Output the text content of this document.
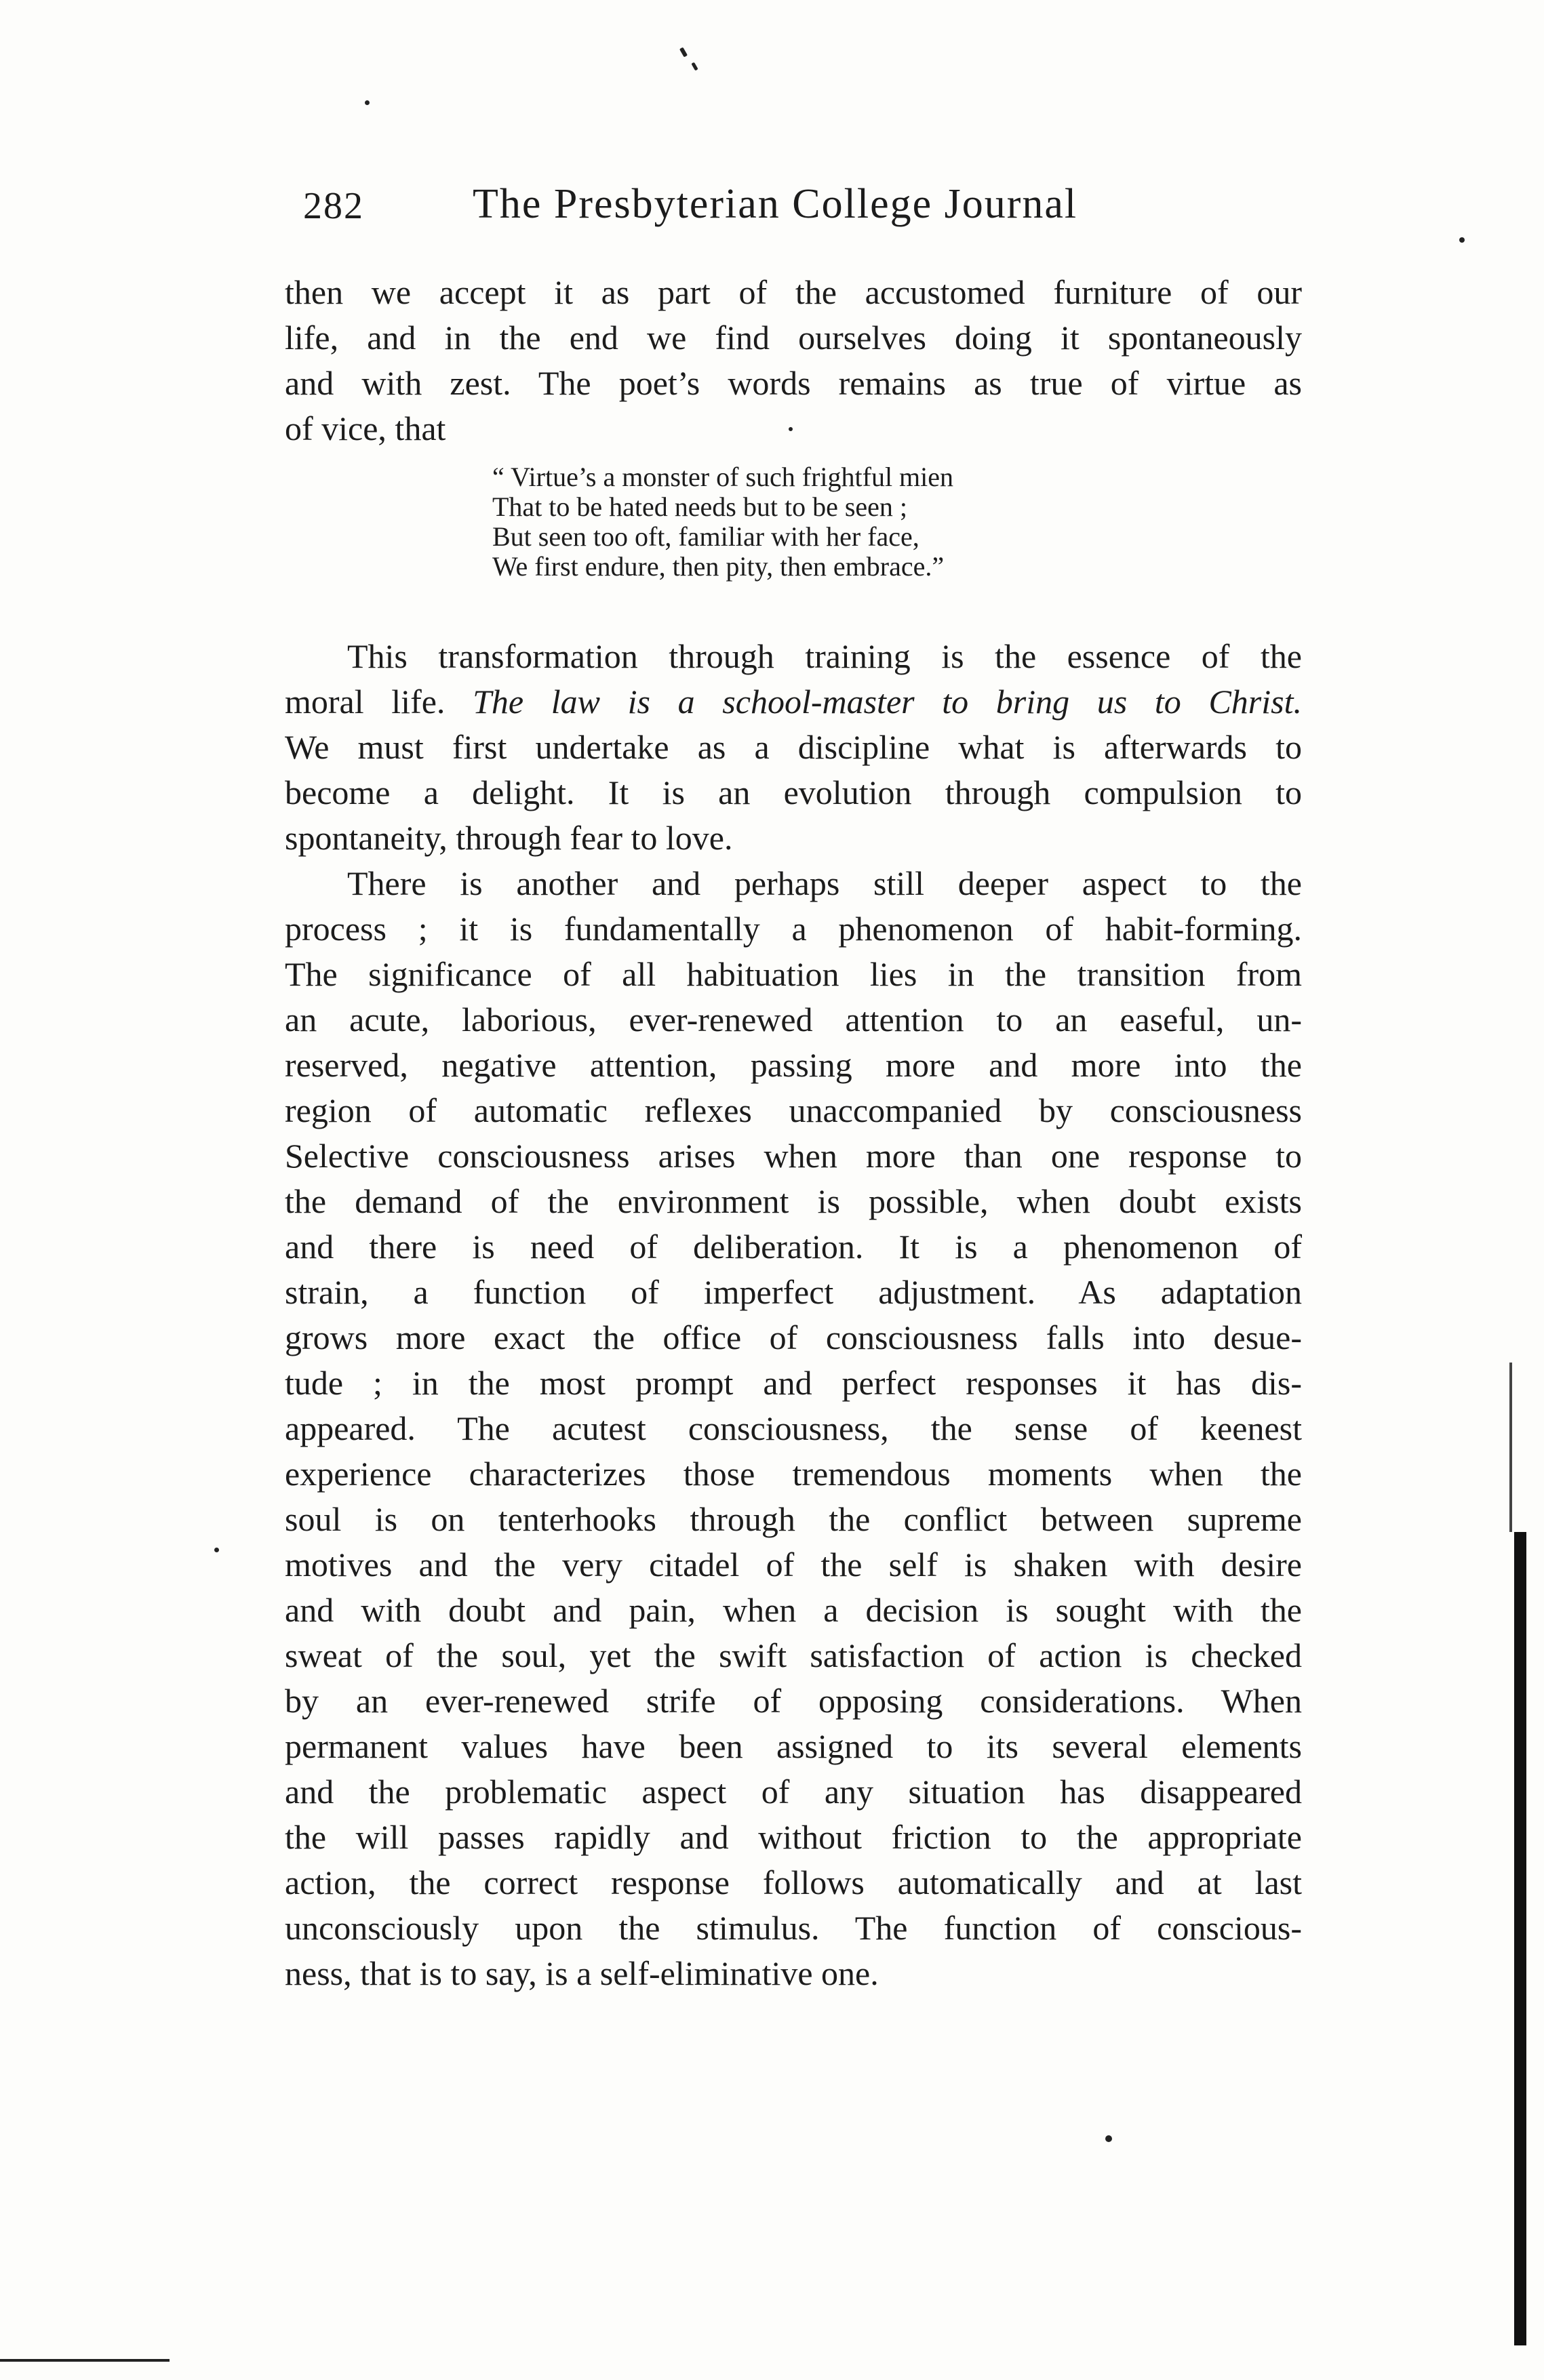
282	The Presbyterian College Journal
then we accept it as part of the accustomed furniture of our
life, and in the end we find ourselves doing it spontaneously
and with zest. The poet’s words remains as true of virtue as
of vice, that
“ Virtue’s a monster of such frightful mien
That to be hated needs but to be seen ;
But seen too oft, familiar with her face,
We first endure, then pity, then embrace.”
This transformation through training is the essence of the
moral life. The law is a school-master to bring us to Christ.
We must first undertake as a discipline what is afterwards to
become a delight. It is an evolution through compulsion to
spontaneity, through fear to love.
There is another and perhaps still deeper aspect to the
process ; it is fundamentally a phenomenon of habit-forming.
The significance of all habituation lies in the transition from
an acute, laborious, ever-renewed attention to an easeful, un-
reserved, negative attention, passing more and more into the
region of automatic reflexes unaccompanied by consciousness
Selective consciousness arises when more than one response to
the demand of the environment is possible, when doubt exists
and there is need of deliberation. It is a phenomenon of
strain, a function of imperfect adjustment. As adaptation
grows more exact the office of consciousness falls into desue-
tude ; in the most prompt and perfect responses it has dis-
appeared. The acutest consciousness, the sense of keenest
experience characterizes those tremendous moments when the
soul is on tenterhooks through the conflict between supreme
motives and the very citadel of the self is shaken with desire
and with doubt and pain, when a decision is sought with the
sweat of the soul, yet the swift satisfaction of action is checked
by an ever-renewed strife of opposing considerations. When
permanent values have been assigned to its several elements
and the problematic aspect of any situation has disappeared
the will passes rapidly and without friction to the appropriate
action, the correct response follows automatically and at last
unconsciously upon the stimulus. The function of conscious-
ness, that is to say, is a self-eliminative one.
